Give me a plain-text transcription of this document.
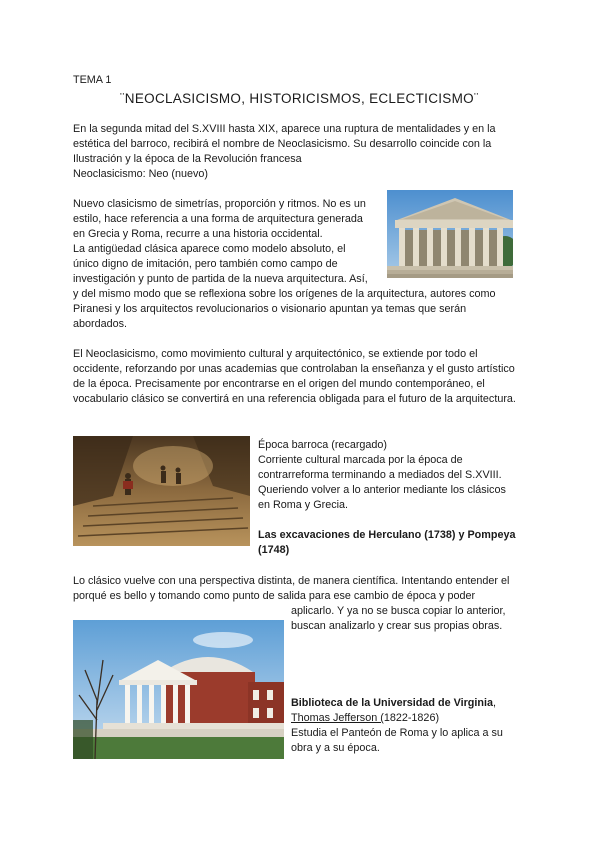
TEMA 1
¨NEOCLASICISMO, HISTORICISMOS, ECLECTICISMO¨
En la segunda mitad del S.XVIII hasta XIX, aparece una ruptura de mentalidades y en la
estética del barroco, recibirá el nombre de Neoclasicismo. Su desarrollo coincide con la
Ilustración y la época de la Revolución francesa
Neoclasicismo: Neo (nuevo)
Nuevo clasicismo de simetrías, proporción y ritmos. No es un
estilo, hace referencia a una forma de arquitectura generada
en Grecia y Roma, recurre a una historia occidental.
La antigüedad clásica aparece como modelo absoluto, el
único digno de imitación, pero también como campo de
investigación y punto de partida de la nueva arquitectura. Así,
y del mismo modo que se reflexiona sobre los orígenes de la arquitectura, autores como
Piranesi y los arquitectos revolucionarios o visionario apuntan ya temas que serán
abordados.
El Neoclasicismo, como movimiento cultural y arquitectónico, se extiende por todo el
occidente, reforzando por unas academias que controlaban la enseñanza y el gusto artístico
de la época. Precisamente por encontrarse en el origen del mundo contemporáneo, el
vocabulario clásico se convertirá en una referencia obligada para el futuro de la arquitectura.
Época barroca (recargado)
Corriente cultural marcada por la época de
contrarreforma terminando a mediados del S.XVIII.
Queriendo volver a lo anterior mediante los clásicos
en Roma y Grecia.
Las excavaciones de Herculano (1738) y Pompeya
(1748)
Lo clásico vuelve con una perspectiva distinta, de manera científica. Intentando entender el
porqué es bello y tomando como punto de salida para ese cambio de época y poder
aplicarlo. Y ya no se busca copiar lo anterior,
buscan analizarlo y crear sus propias obras.
Biblioteca de la Universidad de Virginia,
Thomas Jefferson (1822-1826)
Estudia el Panteón de Roma y lo aplica a su
obra y a su época.
